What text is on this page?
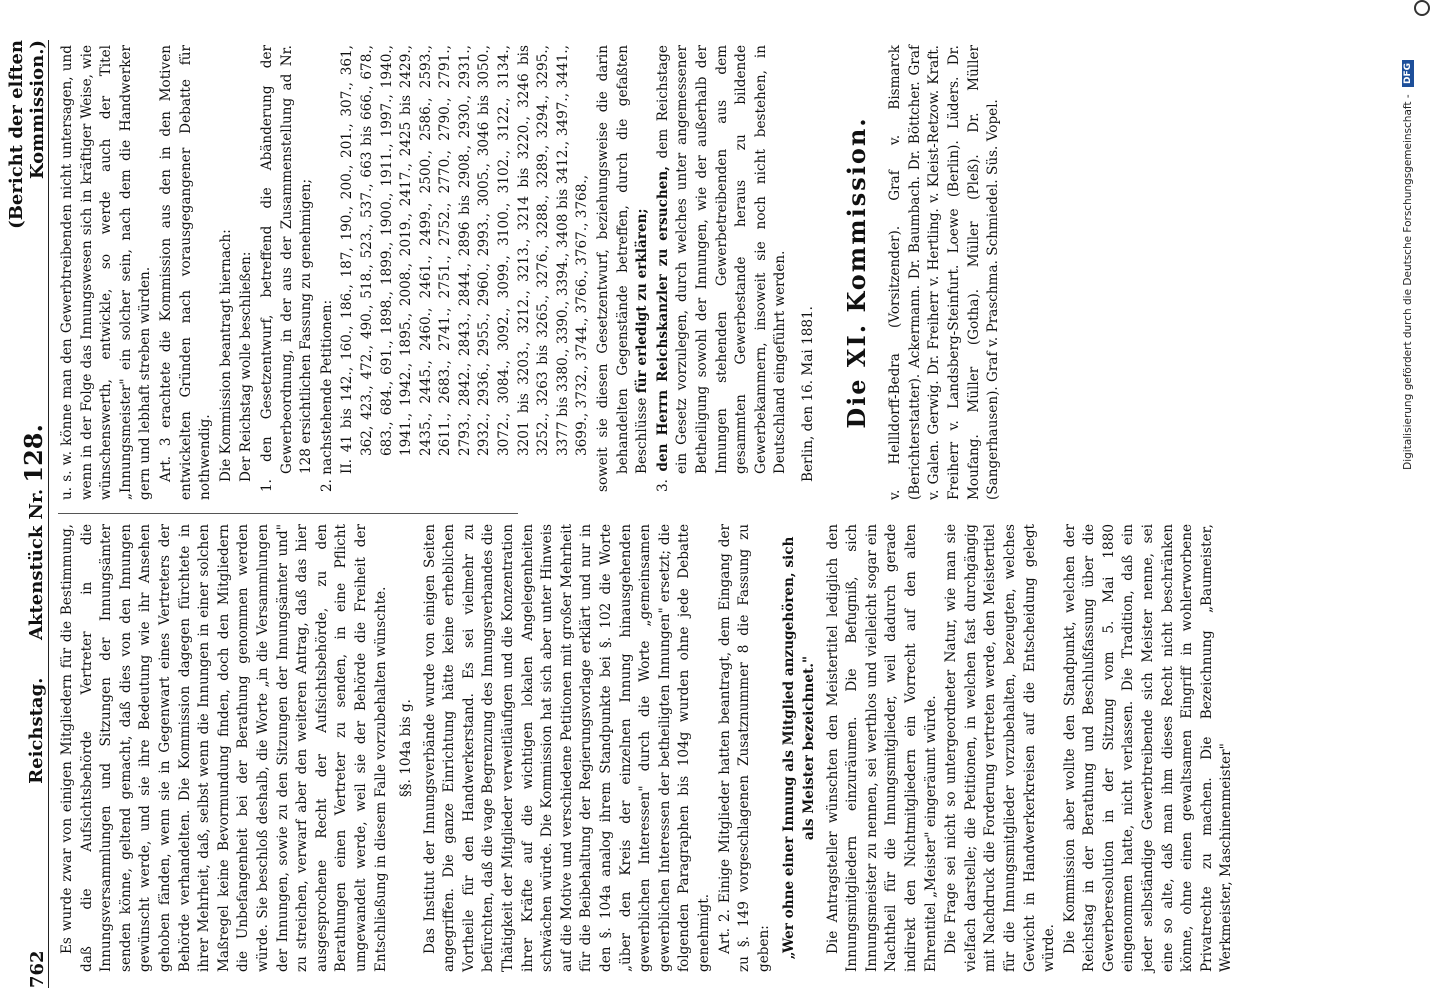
762
Reichstag.      Aktenstück Nr. 128.
(Bericht der elften Kommission.)

Es wurde zwar von einigen Mitgliedern für die Bestimmung, daß die Aufsichtsbehörde Vertreter in die Innungsversammlungen und Sitzungen der Innungsämter senden könne, geltend gemacht, daß dies von den Innungen gewünscht werde, und sie ihre Bedeutung wie ihr Ansehen gehoben fänden, wenn sie in Gegenwart eines Vertreters der Behörde verhandelten. Die Kommission dagegen fürchtete in ihrer Mehrheit, daß, selbst wenn die Innungen in einer solchen Maßregel keine Bevormundung finden, doch den Mitgliedern die Unbefangenheit bei der Berathung genommen werden würde. Sie beschloß deshalb, die Worte „in die Versammlungen der Innungen, sowie zu den Sitzungen der Innungsämter und" zu streichen, verwarf aber den weiteren Antrag, daß das hier ausgesprochene Recht der Aufsichtsbehörde, zu den Berathungen einen Vertreter zu senden, in eine Pflicht umgewandelt werde, weil sie der Behörde die Freiheit der Entschließung in diesem Falle vorzubehalten wünschte. §§. 104a bis g. Das Institut der Innungsverbände wurde von einigen Seiten angegriffen. Die ganze Einrichtung hätte keine erheblichen Vortheile für den Handwerkerstand. Es sei vielmehr zu befürchten, daß die vage Begrenzung des Innungsverbandes die Thätigkeit der Mitglieder verweitläufigen und die Konzentration ihrer Kräfte auf die wichtigen lokalen Angelegenheiten schwächen würde. Die Kommission hat sich aber unter Hinweis auf die Motive und verschiedene Petitionen mit großer Mehrheit für die Beibehaltung der Regierungsvorlage erklärt und nur in den §. 104a analog ihrem Standpunkte bei §. 102 die Worte „über den Kreis der einzelnen Innung hinausgehenden gewerblichen Interessen" durch die Worte „gemeinsamen gewerblichen Interessen der betheiligten Innungen" ersetzt; die folgenden Paragraphen bis 104g wurden ohne jede Debatte genehmigt. Art. 2. Einige Mitglieder hatten beantragt, dem Eingang der zu §. 149 vorgeschlagenen Zusatznummer 8 die Fassung zu geben: „Wer ohne einer Innung als Mitglied anzugehören, sich als Meister bezeichnet." Die Antragsteller wünschten den Meistertitel lediglich den Innungsmitgliedern einzuräumen. Die Befugniß, sich Innungsmeister zu nennen, sei werthlos und vielleicht sogar ein Nachtheil für die Innungsmitglieder, weil dadurch gerade indirekt den Nichtmitgliedern ein Vorrecht auf den alten Ehrentitel „Meister" eingeräumt würde. Die Frage sei nicht so untergeordneter Natur, wie man sie vielfach darstelle; die Petitionen, in welchen fast durchgängig mit Nachdruck die Forderung vertreten werde, den Meistertitel für die Innungsmitglieder vorzubehalten, bezeugten, welches Gewicht in Handwerkerkreisen auf die Entscheidung gelegt würde. Die Kommission aber wollte den Standpunkt, welchen der Reichstag in der Berathung und Beschlußfassung über die Gewerberesolution in der Sitzung vom 5. Mai 1880 eingenommen hatte, nicht verlassen. Die Tradition, daß ein jeder selbständige Gewerbtreibende sich Meister nenne, sei eine so alte, daß man ihm dieses Recht nicht beschränken könne, ohne einen gewaltsamen Eingriff in wohlerworbene Privatrechte zu machen. Die Bezeichnung „Baumeister, Werkmeister, Maschinenmeister"

u. s. w. könne man den Gewerbtreibenden nicht untersagen, und wenn in der Folge das Innungswesen sich in kräftiger Weise, wie wünschenswerth, entwickle, so werde auch der Titel „Innungsmeister" ein solcher sein, nach dem die Handwerker gern und lebhaft streben würden. Art. 3 erachtete die Kommission aus den in den Motiven entwickelten Gründen nach vorausgegangener Debatte für nothwendig. Die Kommission beantragt hiernach: Der Reichstag wolle beschließen: 1. den Gesetzentwurf, betreffend die Abänderung der Gewerbeordnung, in der aus der Zusammenstellung ad Nr. 128 ersichtlichen Fassung zu genehmigen; 2. nachstehende Petitionen: II. 41 bis 142., 160., 186., 187, 190., 200., 201., 307., 361, 362, 423., 472., 490., 518., 523., 537., 663 bis 666., 678., 683., 684., 691., 1898., 1899., 1900., 1911., 1997., 1940., 1941., 1942., 1895., 2008., 2019., 2417., 2425 bis 2429., 2435., 2445., 2460., 2461., 2499., 2500., 2586., 2593., 2611., 2683., 2741., 2751., 2752., 2770., 2790., 2791., 2793., 2842., 2843., 2844., 2896 bis 2908., 2930., 2931., 2932., 2936., 2955., 2960., 2993., 3005., 3046 bis 3050., 3072., 3084., 3092., 3099., 3100., 3102., 3122., 3134., 3201 bis 3203., 3212., 3213., 3214 bis 3220., 3246 bis 3252., 3263 bis 3265., 3276., 3288., 3289., 3294., 3295., 3377 bis 3380., 3390., 3394., 3408 bis 3412., 3497., 3441., 3699., 3732., 3744., 3766., 3767., 3768., soweit sie diesen Gesetzentwurf, beziehungsweise die darin behandelten Gegenstände betreffen, durch die gefaßten Beschlüsse für erledigt zu erklären;

3. den Herrn Reichskanzler zu ersuchen, dem Reichstage ein Gesetz vorzulegen, durch welches unter angemessener Betheiligung sowohl der Innungen, wie der außerhalb der Innungen stehenden Gewerbetreibenden aus dem gesammten Gewerbestande heraus zu bildende Gewerbekammern, insoweit sie noch nicht bestehen, in Deutschland eingeführt werden. Berlin, den 16. Mai 1881. Die XI. Kommission. v. Hellldorff-Bedra (Vorsitzender). Graf v. Bismarck (Berichterstatter). Ackermann. Dr. Baumbach. Dr. Böttcher. Graf v. Galen. Gerwig. Dr. Freiherr v. Hertling. v. Kleist-Retzow. Kraft. Freiherr v. Landsberg-Steinfurt. Loewe (Berlin). Lüders. Dr. Moufang. Müller (Gotha). Müller (Pleß). Dr. Müller (Sangerhausen). Graf v. Praschma. Schmiedel. Süs. Vopel.	Digitalisierung gefördert durch die Deutsche Forschungsgemeinschaft - DFG
